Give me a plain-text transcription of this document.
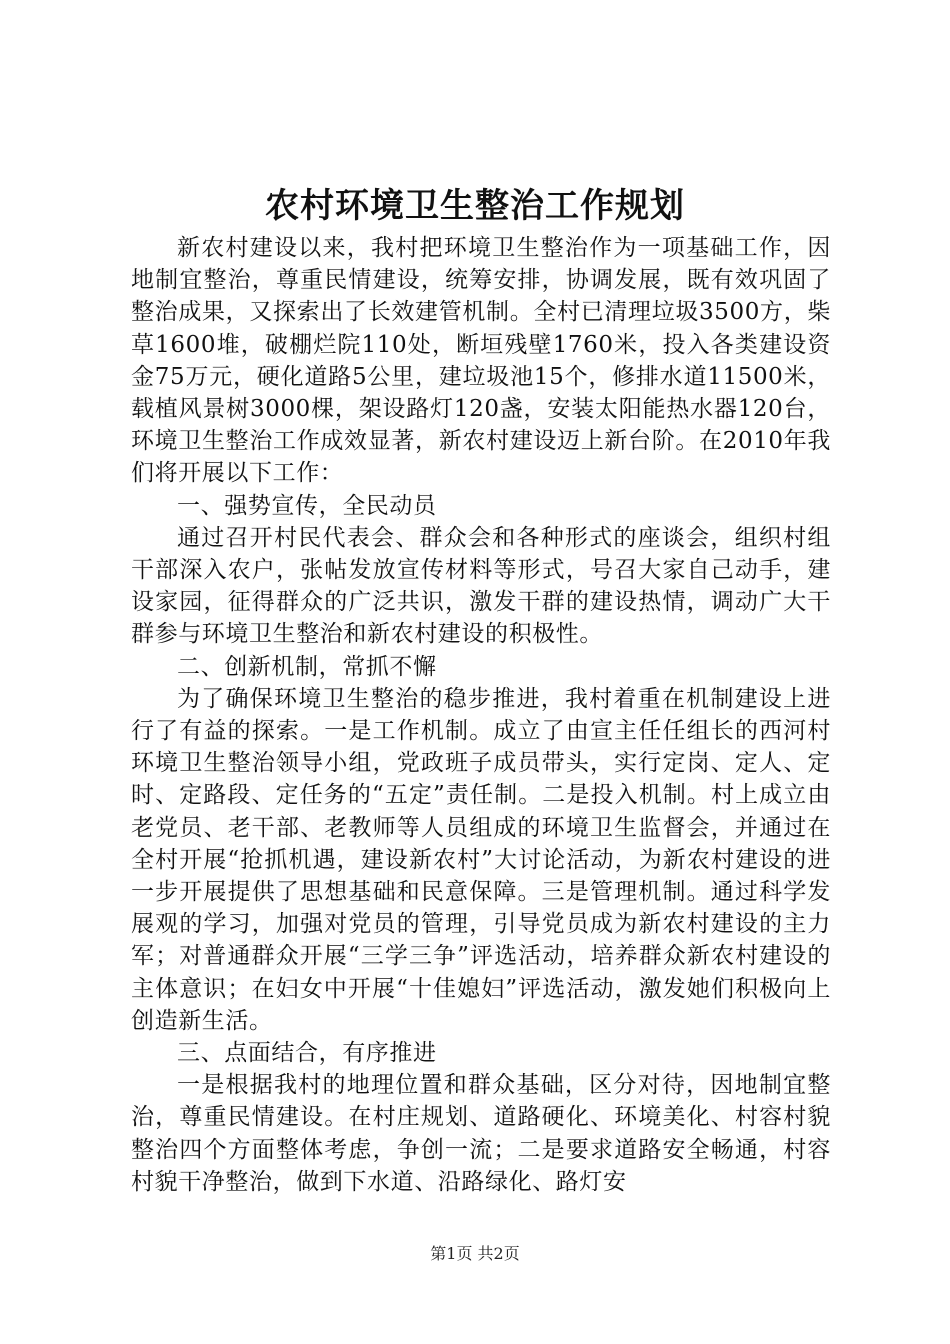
农村环境卫生整治工作规划

新农村建设以来，我村把环境卫生整治作为一项基础工作，因地制宜整治，尊重民情建设，统筹安排，协调发展，既有效巩固了整治成果，又探索出了长效建管机制。全村已清理垃圾3500方，柴草1600堆，破棚烂院110处，断垣残壁1760米，投入各类建设资金75万元，硬化道路5公里，建垃圾池15个，修排水道11500米，载植风景树3000棵，架设路灯120盏，安装太阳能热水器120台，环境卫生整治工作成效显著，新农村建设迈上新台阶。在2010年我们将开展以下工作：

一、强势宣传，全民动员

通过召开村民代表会、群众会和各种形式的座谈会，组织村组干部深入农户，张帖发放宣传材料等形式，号召大家自己动手，建设家园，征得群众的广泛共识，激发干群的建设热情，调动广大干群参与环境卫生整治和新农村建设的积极性。

二、创新机制，常抓不懈

为了确保环境卫生整治的稳步推进，我村着重在机制建设上进行了有益的探索。一是工作机制。成立了由宣主任任组长的西河村环境卫生整治领导小组，党政班子成员带头，实行定岗、定人、定时、定路段、定任务的“五定”责任制。二是投入机制。村上成立由老党员、老干部、老教师等人员组成的环境卫生监督会，并通过在全村开展“抢抓机遇，建设新农村”大讨论活动，为新农村建设的进一步开展提供了思想基础和民意保障。三是管理机制。通过科学发展观的学习，加强对党员的管理，引导党员成为新农村建设的主力军；对普通群众开展“三学三争”评选活动，培养群众新农村建设的主体意识；在妇女中开展“十佳媳妇”评选活动，激发她们积极向上创造新生活。

三、点面结合，有序推进

一是根据我村的地理位置和群众基础，区分对待，因地制宜整治，尊重民情建设。在村庄规划、道路硬化、环境美化、村容村貌整治四个方面整体考虑，争创一流；二是要求道路安全畅通，村容村貌干净整治，做到下水道、沿路绿化、路灯安

第1页 共2页
